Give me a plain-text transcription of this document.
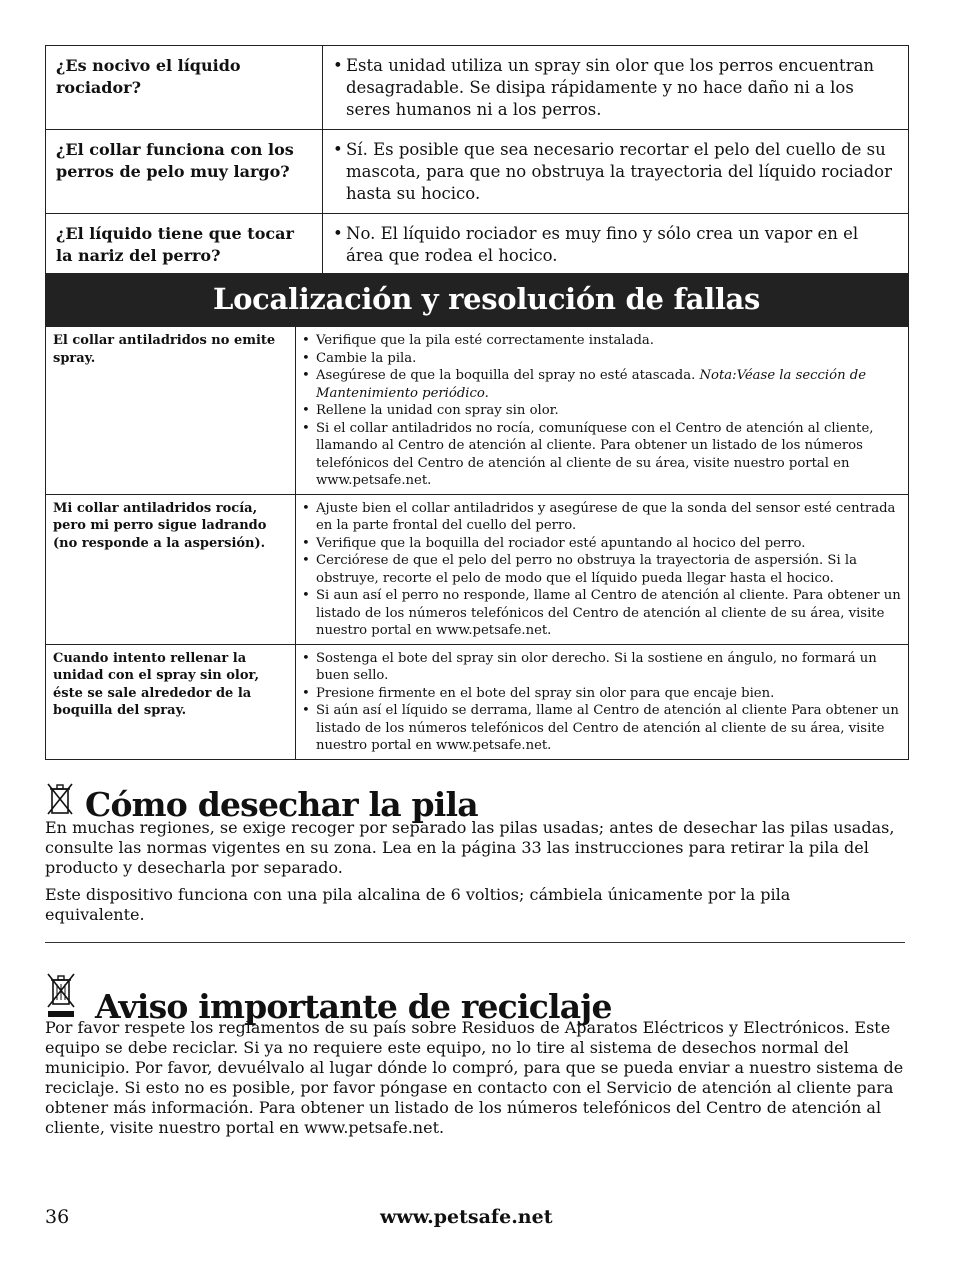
¿Es nocivo el líquido rociador?	• Esta unidad utiliza un spray sin olor que los perros encuentran desagradable. Se disipa rápidamente y no hace daño ni a los seres humanos ni a los perros.

¿El collar funciona con los perros de pelo muy largo?	• Sí. Es posible que sea necesario recortar el pelo del cuello de su mascota, para que no obstruya la trayectoria del líquido rociador hasta su hocico.

¿El líquido tiene que tocar la nariz del perro?	• No. El líquido rociador es muy fino y sólo crea un vapor en el área que rodea el hocico.
Localización y resolución de fallas
El collar antiladridos no emite spray.	• Verifique que la pila esté correctamente instalada.
• Cambie la pila.
• Asegúrese de que la boquilla del spray no esté atascada. Nota:Véase la sección de Mantenimiento periódico.
• Rellene la unidad con spray sin olor.
• Si el collar antiladridos no rocía, comuníquese con el Centro de atención al cliente, llamando al Centro de atención al cliente. Para obtener un listado de los números telefónicos del Centro de atención al cliente de su área, visite nuestro portal en www.petsafe.net.

Mi collar antiladridos rocía, pero mi perro sigue ladrando (no responde a la aspersión).	• Ajuste bien el collar antiladridos y asegúrese de que la sonda del sensor esté centrada en la parte frontal del cuello del perro.
• Verifique que la boquilla del rociador esté apuntando al hocico del perro.
• Cerciórese de que el pelo del perro no obstruya la trayectoria de aspersión. Si la obstruye, recorte el pelo de modo que el líquido pueda llegar hasta el hocico.
• Si aun así el perro no responde, llame al Centro de atención al cliente. Para obtener un listado de los números telefónicos del Centro de atención al cliente de su área, visite nuestro portal en www.petsafe.net.

Cuando intento rellenar la unidad con el spray sin olor, éste se sale alrededor de la boquilla del spray.	• Sostenga el bote del spray sin olor derecho. Si la sostiene en ángulo, no formará un buen sello.
• Presione firmente en el bote del spray sin olor para que encaje bien.
• Si aún así el líquido se derrama, llame al Centro de atención al cliente Para obtener un listado de los números telefónicos del Centro de atención al cliente de su área, visite nuestro portal en www.petsafe.net.
Cómo desechar la pila

En muchas regiones, se exige recoger por separado las pilas usadas; antes de desechar las pilas usadas, consulte las normas vigentes en su zona. Lea en la página 33 las instrucciones para retirar la pila del producto y desecharla por separado.

Este dispositivo funciona con una pila alcalina de 6 voltios; cámbiela únicamente por la pila equivalente.

Aviso importante de reciclaje

Por favor respete los reglamentos de su país sobre Residuos de Aparatos Eléctricos y Electrónicos. Este equipo se debe reciclar. Si ya no requiere este equipo, no lo tire al sistema de desechos normal del municipio. Por favor, devuélvalo al lugar dónde lo compró, para que se pueda enviar a nuestro sistema de reciclaje. Si esto no es posible, por favor póngase en contacto con el Servicio de atención al cliente para obtener más información. Para obtener un listado de los números telefónicos del Centro de atención al cliente, visite nuestro portal en www.petsafe.net.

36	www.petsafe.net
